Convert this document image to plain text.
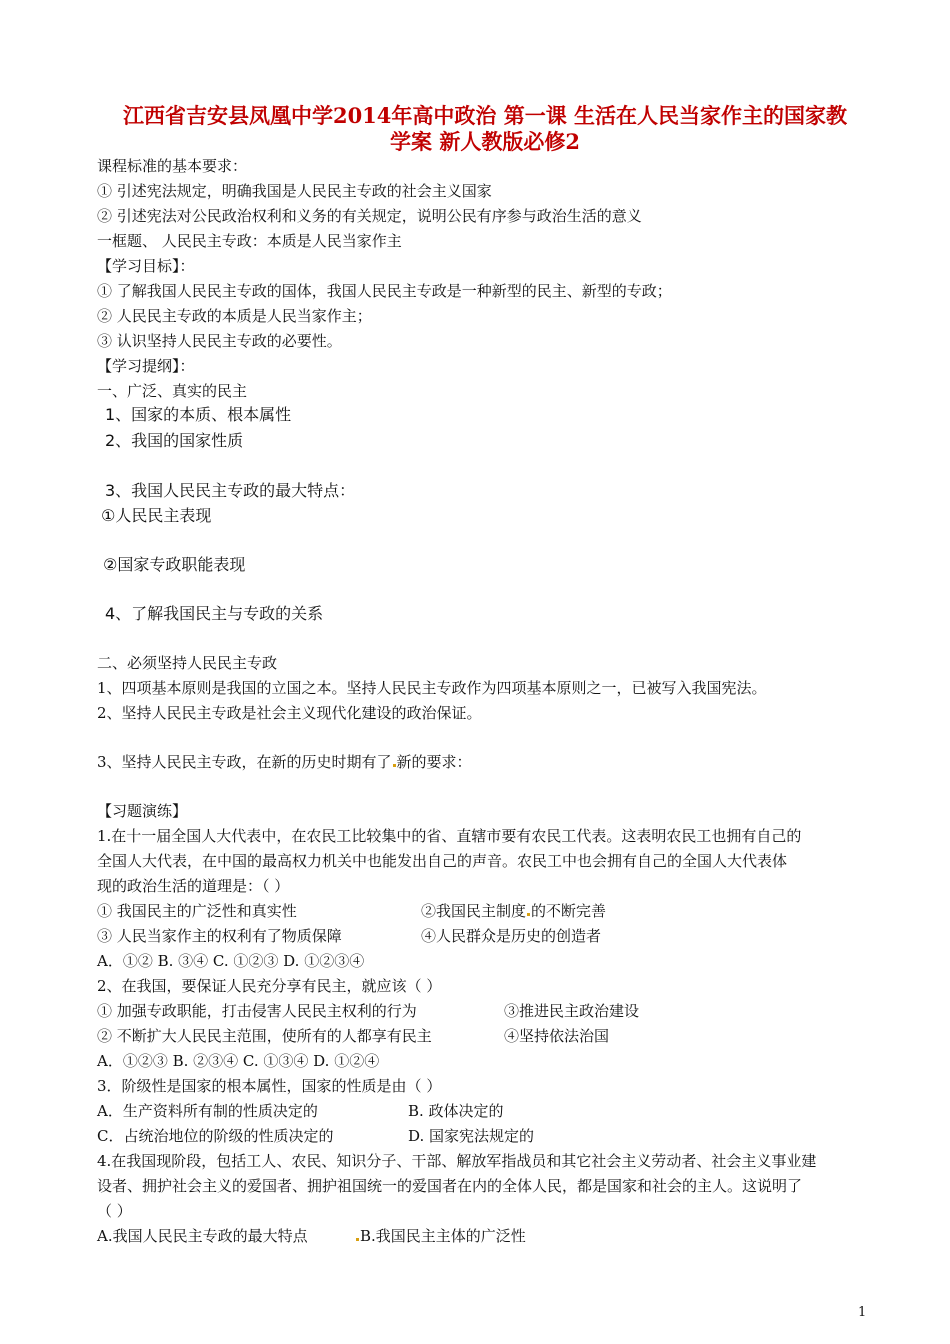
江西省吉安县凤凰中学2014年高中政治 第一课 生活在人民当家作主的国家教
学案 新人教版必修2
课程标准的基本要求：
① 引述宪法规定，明确我国是人民民主专政的社会主义国家
② 引述宪法对公民政治权利和义务的有关规定，说明公民有序参与政治生活的意义
一框题、 人民民主专政：本质是人民当家作主
【学习目标】：
① 了解我国人民民主专政的国体，我国人民民主专政是一种新型的民主、新型的专政；
② 人民民主专政的本质是人民当家作主；
③ 认识坚持人民民主专政的必要性。
【学习提纲】：
一、广泛、真实的民主
1、国家的本质、根本属性
2、我国的国家性质
3、我国人民民主专政的最大特点：
①人民民主表现
②国家专政职能表现
4、了解我国民主与专政的关系
二、必须坚持人民民主专政
1、四项基本原则是我国的立国之本。坚持人民民主专政作为四项基本原则之一，已被写入我国宪法。
2、坚持人民民主专政是社会主义现代化建设的政治保证。
3、坚持人民民主专政，在新的历史时期有了 新的要求：
【习题演练】
1.在十一届全国人大代表中，在农民工比较集中的省、直辖市要有农民工代表。这表明农民工也拥有自己的
全国人大代表，在中国的最高权力机关中也能发出自己的声音。农民工中也会拥有自己的全国人大代表体
现的政治生活的道理是：（ ）
① 我国民主的广泛性和真实性	②我国民主制度 的不断完善
③ 人民当家作主的权利有了物质保障	④人民群众是历史的创造者
A．①② B. ③④ C. ①②③ D. ①②③④
2、在我国，要保证人民充分享有民主，就应该（ ）
① 加强专政职能，打击侵害人民民主权利的行为	③推进民主政治建设
② 不断扩大人民民主范围，使所有的人都享有民主	④坚持依法治国
A．①②③ B. ②③④ C. ①③④ D. ①②④
3．阶级性是国家的根本属性，国家的性质是由（ ）
A．生产资料所有制的性质决定的	B. 政体决定的
C．占统治地位的阶级的性质决定的	D. 国家宪法规定的
4.在我国现阶段，包括工人、农民、知识分子、干部、解放军指战员和其它社会主义劳动者、社会主义事业建
设者、拥护社会主义的爱国者、拥护祖国统一的爱国者在内的全体人民，都是国家和社会的主人。这说明了
（ ）
A.我国人民民主专政的最大特点	B.我国民主主体的广泛性
1
